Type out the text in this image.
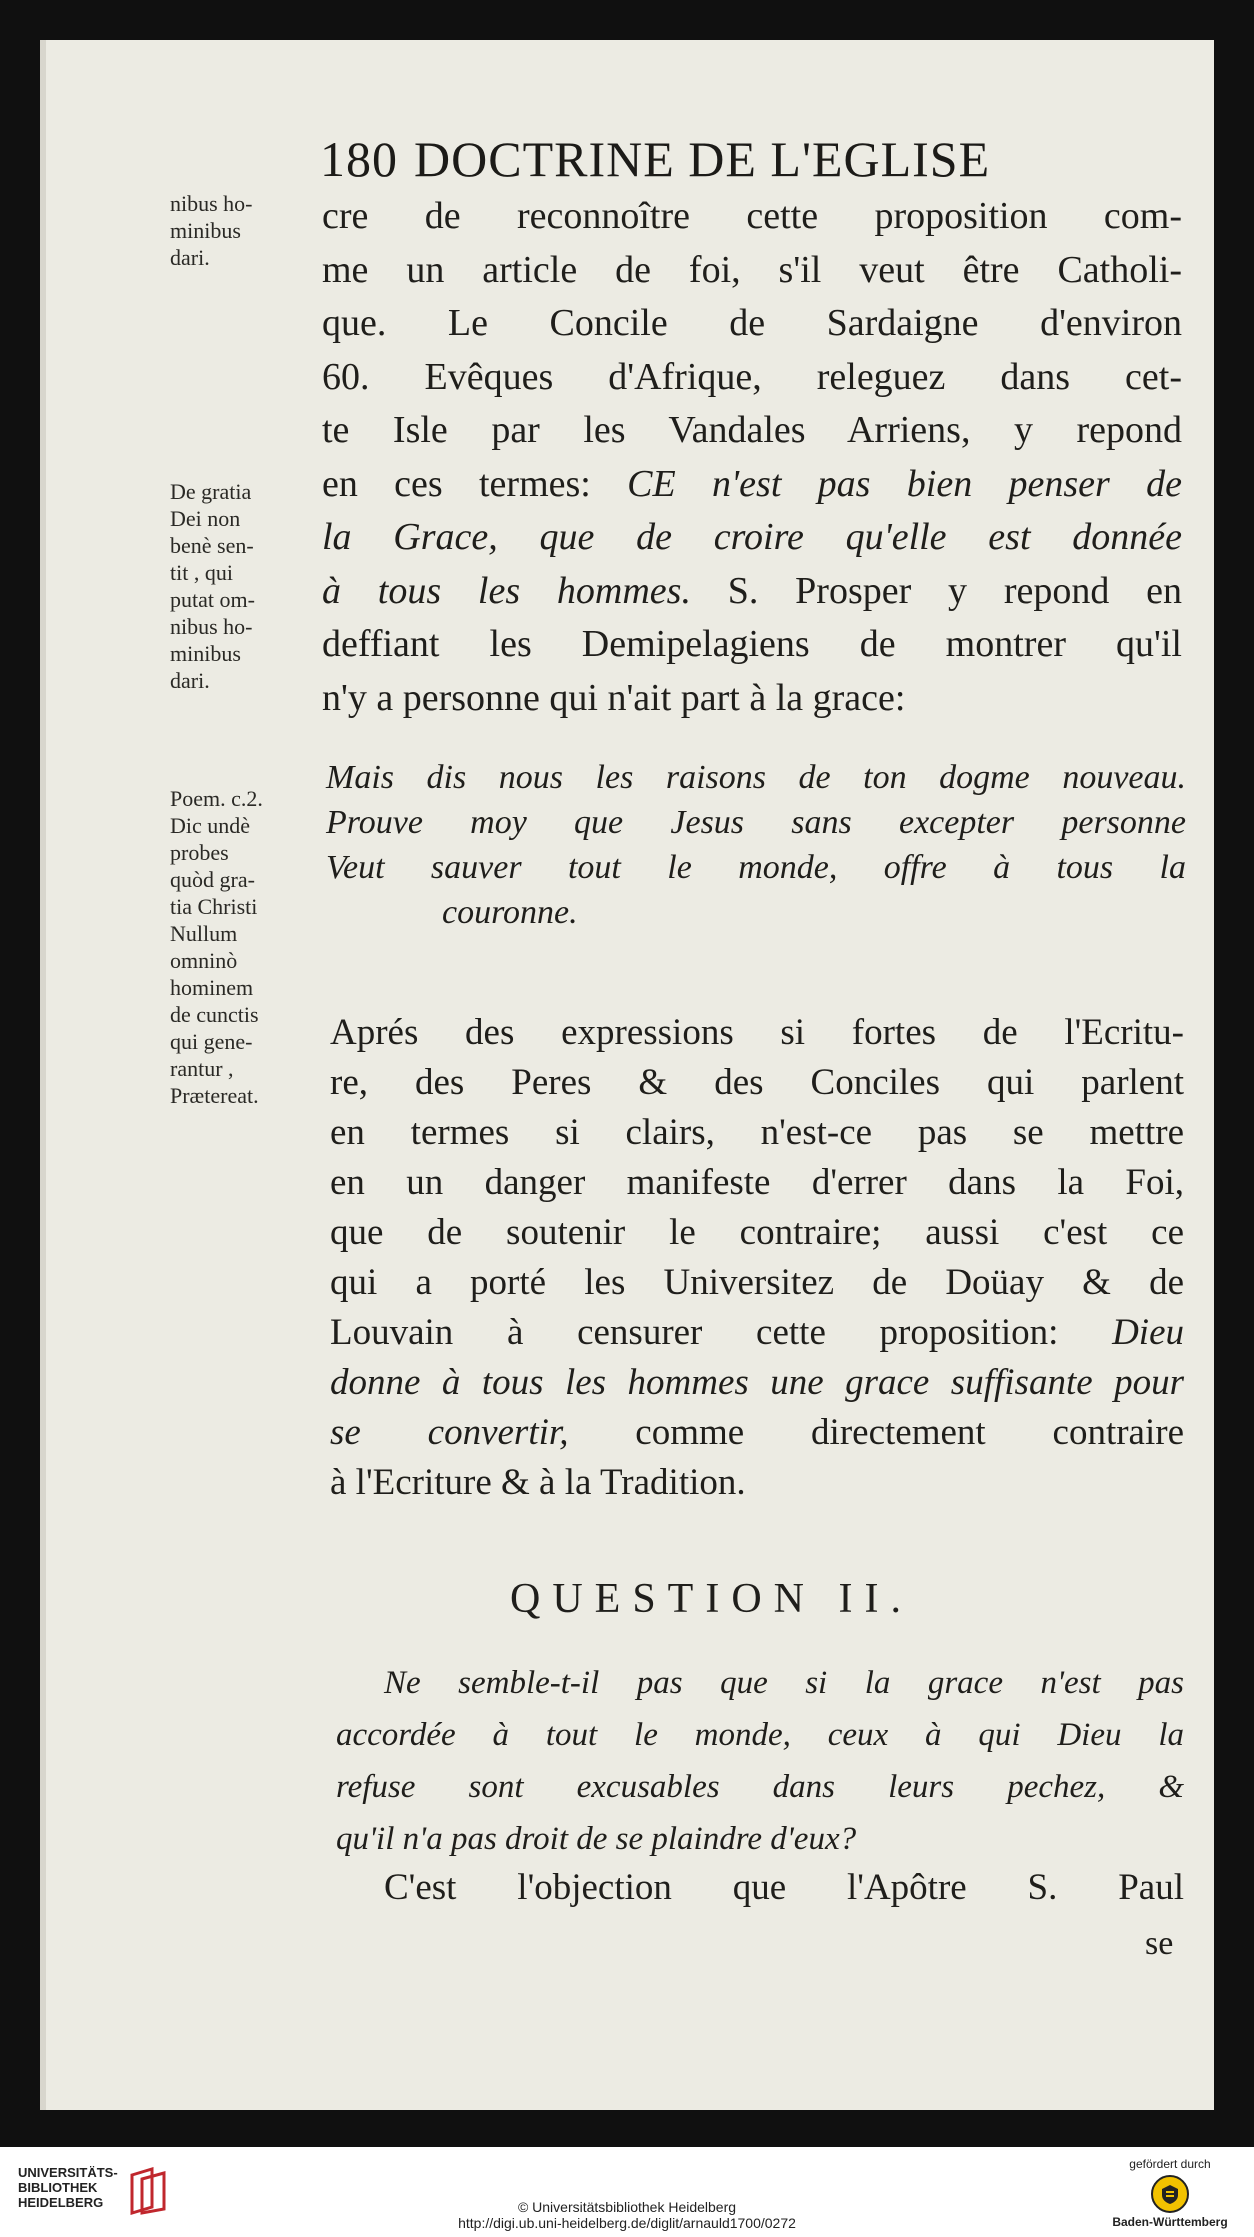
180 DOCTRINE DE L'EGLISE
nibus ho-
minibus
dari.
De gratia
Dei non
benè sen-
tit , qui
putat om-
nibus ho-
minibus
dari.
Poem. c.2.
Dic undè
probes
quòd gra-
tia Christi
Nullum
omninò
hominem
de cunctis
qui gene-
rantur ,
Prætereat.
cre de reconnoître cette proposition com-
me un article de foi, s'il veut être Catholi-
que. Le Concile de Sardaigne d'environ
60. Evêques d'Afrique, releguez dans cet-
te Isle par les Vandales Arriens, y repond
en ces termes: CE n'est pas bien penser de
la Grace, que de croire qu'elle est donnée
à tous les hommes. S. Prosper y repond en
deffiant les Demipelagiens de montrer qu'il
n'y a personne qui n'ait part à la grace:
Mais dis nous les raisons de ton dogme nouveau.
Prouve moy que Jesus sans excepter personne
Veut sauver tout le monde, offre à tous la
couronne.
Aprés des expressions si fortes de l'Ecritu-
re, des Peres & des Conciles qui parlent
en termes si clairs, n'est-ce pas se mettre
en un danger manifeste d'errer dans la Foi,
que de soutenir le contraire; aussi c'est ce
qui a porté les Universitez de Doüay & de
Louvain à censurer cette proposition: Dieu
donne à tous les hommes une grace suffisante pour
se convertir, comme directement contraire
à l'Ecriture & à la Tradition.
QUESTION II.
Ne semble-t-il pas que si la grace n'est pas
accordée à tout le monde, ceux à qui Dieu la
refuse sont excusables dans leurs pechez, &
qu'il n'a pas droit de se plaindre d'eux?
C'est l'objection que l'Apôtre S. Paul
se
UNIVERSITÄTS-
BIBLIOTHEK
HEIDELBERG	© Universitätsbibliothek Heidelberg
http://digi.ub.uni-heidelberg.de/diglit/arnauld1700/0272
gefördert durch
Baden-Württemberg
